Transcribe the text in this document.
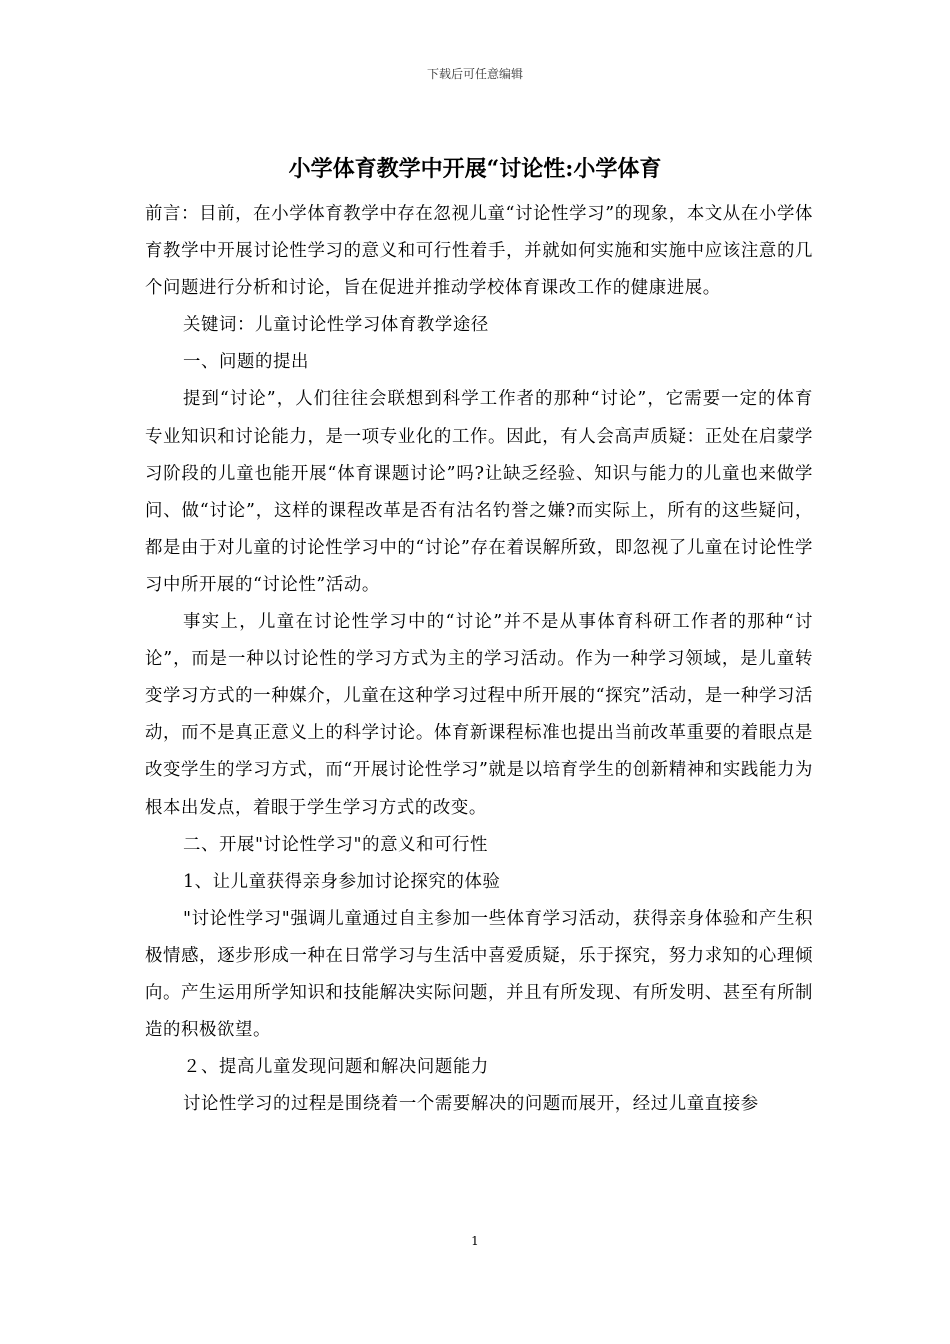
下载后可任意编辑
小学体育教学中开展“讨论性:小学体育

前言：目前，在小学体育教学中存在忽视儿童“讨论性学习”的现象，本文从在小学体育教学中开展讨论性学习的意义和可行性着手，并就如何实施和实施中应该注意的几个问题进行分析和讨论，旨在促进并推动学校体育课改工作的健康进展。

关键词：儿童讨论性学习体育教学途径

一、问题的提出

提到“讨论”，人们往往会联想到科学工作者的那种“讨论”，它需要一定的体育专业知识和讨论能力，是一项专业化的工作。因此，有人会高声质疑：正处在启蒙学习阶段的儿童也能开展“体育课题讨论”吗?让缺乏经验、知识与能力的儿童也来做学问、做“讨论”，这样的课程改革是否有沽名钓誉之嫌?而实际上，所有的这些疑问，都是由于对儿童的讨论性学习中的“讨论”存在着误解所致，即忽视了儿童在讨论性学习中所开展的“讨论性”活动。

事实上，儿童在讨论性学习中的“讨论”并不是从事体育科研工作者的那种“讨论”，而是一种以讨论性的学习方式为主的学习活动。作为一种学习领域，是儿童转变学习方式的一种媒介，儿童在这种学习过程中所开展的“探究”活动，是一种学习活动，而不是真正意义上的科学讨论。体育新课程标准也提出当前改革重要的着眼点是改变学生的学习方式，而“开展讨论性学习”就是以培育学生的创新精神和实践能力为根本出发点，着眼于学生学习方式的改变。

二、开展"讨论性学习"的意义和可行性

1、让儿童获得亲身参加讨论探究的体验

"讨论性学习"强调儿童通过自主参加一些体育学习活动，获得亲身体验和产生积极情感，逐步形成一种在日常学习与生活中喜爱质疑，乐于探究，努力求知的心理倾向。产生运用所学知识和技能解决实际问题，并且有所发现、有所发明、甚至有所制造的积极欲望。

２、提高儿童发现问题和解决问题能力

讨论性学习的过程是围绕着一个需要解决的问题而展开，经过儿童直接参

1
